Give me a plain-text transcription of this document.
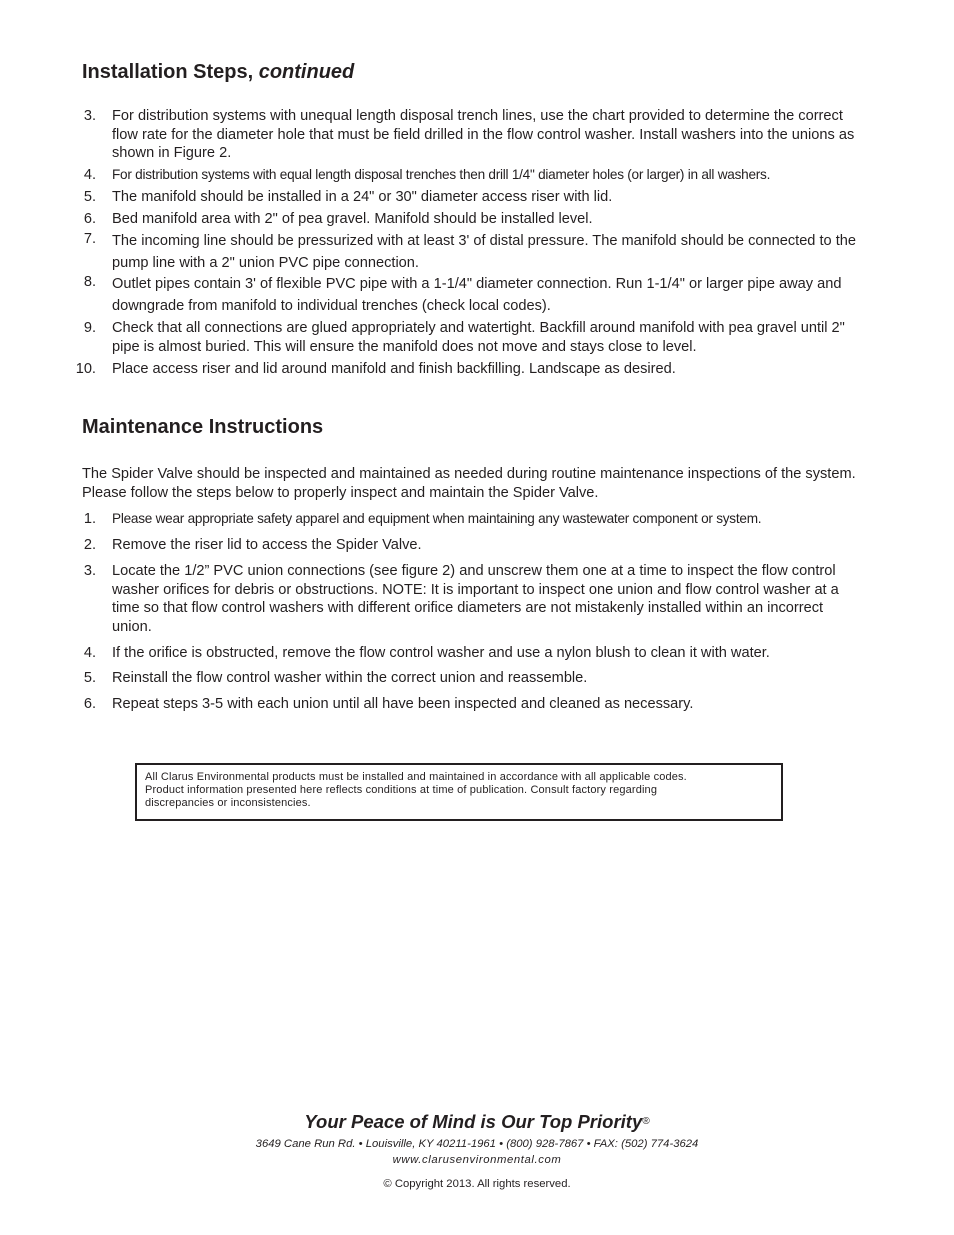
Installation Steps, continued
3. For distribution systems with unequal length disposal trench lines, use the chart provided to determine the correct flow rate for the diameter hole that must be field drilled in the flow control washer. Install washers into the unions as shown in Figure 2.
4. For distribution systems with equal length disposal trenches then drill 1/4" diameter holes (or larger) in all washers.
5. The manifold should be installed in a 24" or 30" diameter access riser with lid.
6. Bed manifold area with 2" of pea gravel. Manifold should be installed level.
7. The incoming line should be pressurized with at least 3' of distal pressure. The manifold should be connected to the pump line with a 2" union PVC pipe connection.
8. Outlet pipes contain 3' of flexible PVC pipe with a 1-1/4" diameter connection. Run 1-1/4" or larger pipe away and downgrade from manifold to individual trenches (check local codes).
9. Check that all connections are glued appropriately and watertight. Backfill around manifold with pea gravel until 2" pipe is almost buried. This will ensure the manifold does not move and stays close to level.
10. Place access riser and lid around manifold and finish backfilling. Landscape as desired.
Maintenance Instructions

The Spider Valve should be inspected and maintained as needed during routine maintenance inspections of the system. Please follow the steps below to properly inspect and maintain the Spider Valve.

1. Please wear appropriate safety apparel and equipment when maintaining any wastewater component or system.
2. Remove the riser lid to access the Spider Valve.
3. Locate the 1/2” PVC union connections (see figure 2) and unscrew them one at a time to inspect the flow control washer orifices for debris or obstructions. NOTE: It is important to inspect one union and flow control washer at a time so that flow control washers with different orifice diameters are not mistakenly installed within an incorrect union.
4. If the orifice is obstructed, remove the flow control washer and use a nylon blush to clean it with water.
5. Reinstall the flow control washer within the correct union and reassemble.
6. Repeat steps 3-5 with each union until all have been inspected and cleaned as necessary.

All Clarus Environmental products must be installed and maintained in accordance with all applicable codes.

Product information presented here reflects conditions at time of publication. Consult factory regarding

discrepancies or inconsistencies.

Your Peace of Mind is Our Top Priority®
3649 Cane Run Rd. • Louisville, KY 40211-1961 • (800) 928-7867 • FAX: (502) 774-3624
www.clarusenvironmental.com
© Copyright 2013. All rights reserved.
